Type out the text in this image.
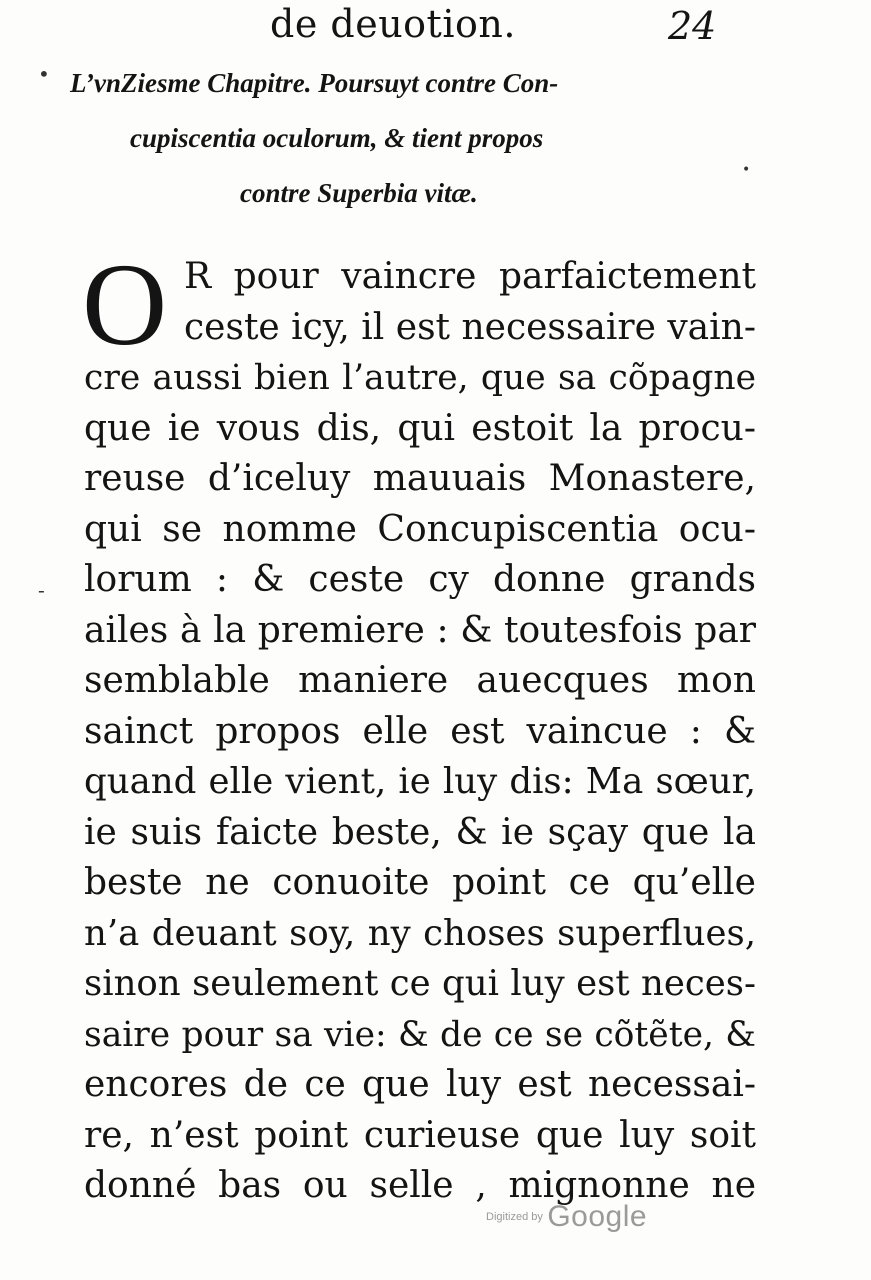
de deuotion.	24
•
-
•
L’vnZiesme Chapitre. Poursuyt contre Con-
cupiscentia oculorum, & tient propos
contre Superbia vitæ.
O R pour vaincre parfaictement
ceste icy, il est necessaire vain-
cre aussi bien l’autre, que sa cõpagne
que ie vous dis, qui estoit la procu-
reuse d’iceluy mauuais Monastere,
qui se nomme Concupiscentia ocu-
lorum : & ceste cy donne grands
ailes à la premiere : & toutesfois par
semblable maniere auecques mon
sainct propos elle est vaincue : &
quand elle vient, ie luy dis: Ma sœur,
ie suis faicte beste, & ie sçay que la
beste ne conuoite point ce qu’elle
n’a deuant soy, ny choses superflues,
sinon seulement ce qui luy est neces-
saire pour sa vie: & de ce se cõtẽte, &
encores de ce que luy est necessai-
re, n’est point curieuse que luy soit
donné bas ou selle , mignonne ne
$^{Digitized by}$ Google
